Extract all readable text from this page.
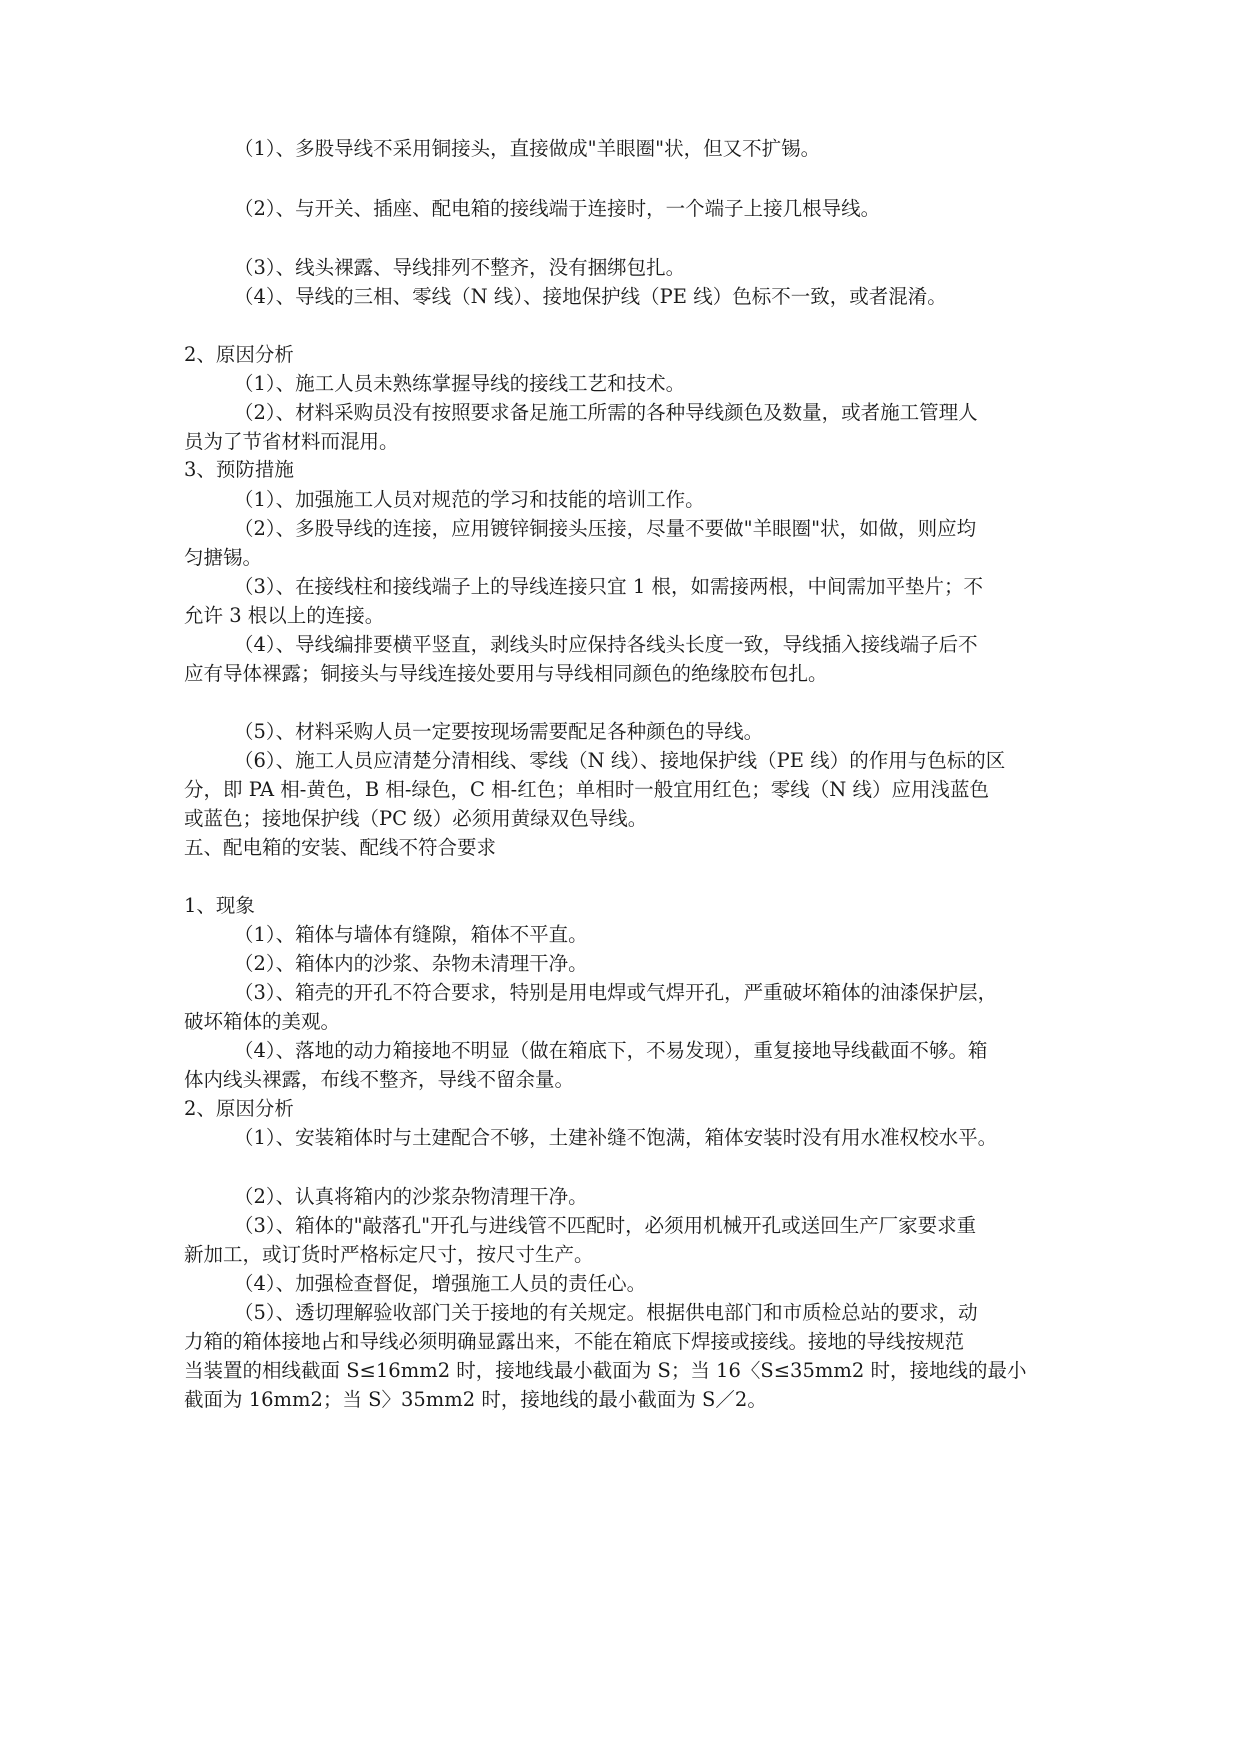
（1）、多股导线不采用铜接头，直接做成"羊眼圈"状，但又不扩锡。
（2）、与开关、插座、配电箱的接线端于连接时，一个端子上接几根导线。
（3）、线头裸露、导线排列不整齐，没有捆绑包扎。
（4）、导线的三相、零线（N 线）、接地保护线（PE 线）色标不一致，或者混淆。
2、原因分析
（1）、施工人员未熟练掌握导线的接线工艺和技术。
（2）、材料采购员没有按照要求备足施工所需的各种导线颜色及数量，或者施工管理人
员为了节省材料而混用。
3、预防措施
（1）、加强施工人员对规范的学习和技能的培训工作。
（2）、多股导线的连接，应用镀锌铜接头压接，尽量不要做"羊眼圈"状，如做，则应均
匀搪锡。
（3）、在接线柱和接线端子上的导线连接只宜 1 根，如需接两根，中间需加平垫片；不
允许 3 根以上的连接。
（4）、导线编排要横平竖直，剥线头时应保持各线头长度一致，导线插入接线端子后不
应有导体裸露；铜接头与导线连接处要用与导线相同颜色的绝缘胶布包扎。
（5）、材料采购人员一定要按现场需要配足各种颜色的导线。
（6）、施工人员应清楚分清相线、零线（N 线）、接地保护线（PE 线）的作用与色标的区
分，即 PA 相-黄色，B 相-绿色，C 相-红色；单相时一般宜用红色；零线（N 线）应用浅蓝色
或蓝色；接地保护线（PC 级）必须用黄绿双色导线。
五、配电箱的安装、配线不符合要求
1、现象
（1）、箱体与墙体有缝隙，箱体不平直。
（2）、箱体内的沙浆、杂物未清理干净。
（3）、箱壳的开孔不符合要求，特别是用电焊或气焊开孔，严重破坏箱体的油漆保护层，
破坏箱体的美观。
（4）、落地的动力箱接地不明显（做在箱底下，不易发现），重复接地导线截面不够。箱
体内线头裸露，布线不整齐，导线不留余量。
2、原因分析
（1）、安装箱体时与土建配合不够，土建补缝不饱满，箱体安装时没有用水准权校水平。
（2）、认真将箱内的沙浆杂物清理干净。
（3）、箱体的"敲落孔"开孔与进线管不匹配时，必须用机械开孔或送回生产厂家要求重
新加工，或订货时严格标定尺寸，按尺寸生产。
（4）、加强检查督促，增强施工人员的责任心。
（5）、透切理解验收部门关于接地的有关规定。根据供电部门和市质检总站的要求，动
力箱的箱体接地占和导线必须明确显露出来，不能在箱底下焊接或接线。接地的导线按规范
当装置的相线截面 S≤16mm2 时，接地线最小截面为 S；当 16〈S≤35mm2 时，接地线的最小
截面为 16mm2；当 S〉35mm2 时，接地线的最小截面为 S／2。
